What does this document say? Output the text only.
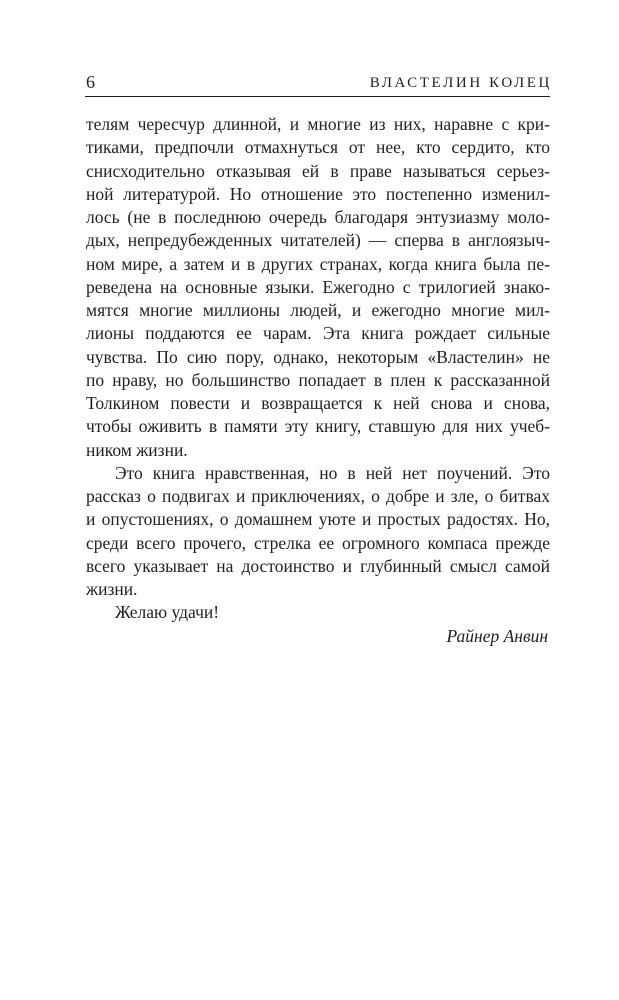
6	ВЛАСТЕЛИН КОЛЕЦ
телям чересчур длинной, и многие из них, наравне с кри-
тиками, предпочли отмахнуться от нее, кто сердито, кто
снисходительно отказывая ей в праве называться серьез-
ной литературой. Но отношение это постепенно изменил-
лось (не в последнюю очередь благодаря энтузиазму моло-
дых, непредубежденных читателей) — сперва в англоязыч-
ном мире, а затем и в других странах, когда книга была пе-
реведена на основные языки. Ежегодно с трилогией знако-
мятся многие миллионы людей, и ежегодно многие мил-
лионы поддаются ее чарам. Эта книга рождает сильные
чувства. По сию пору, однако, некоторым «Властелин» не
по нраву, но большинство попадает в плен к рассказанной
Толкином повести и возвращается к ней снова и снова,
чтобы оживить в памяти эту книгу, ставшую для них учеб-
ником жизни.
Это книга нравственная, но в ней нет поучений. Это
рассказ о подвигах и приключениях, о добре и зле, о битвах
и опустошениях, о домашнем уюте и простых радостях. Но,
среди всего прочего, стрелка ее огромного компаса прежде
всего указывает на достоинство и глубинный смысл самой
жизни.
Желаю удачи!
Райнер Анвин
